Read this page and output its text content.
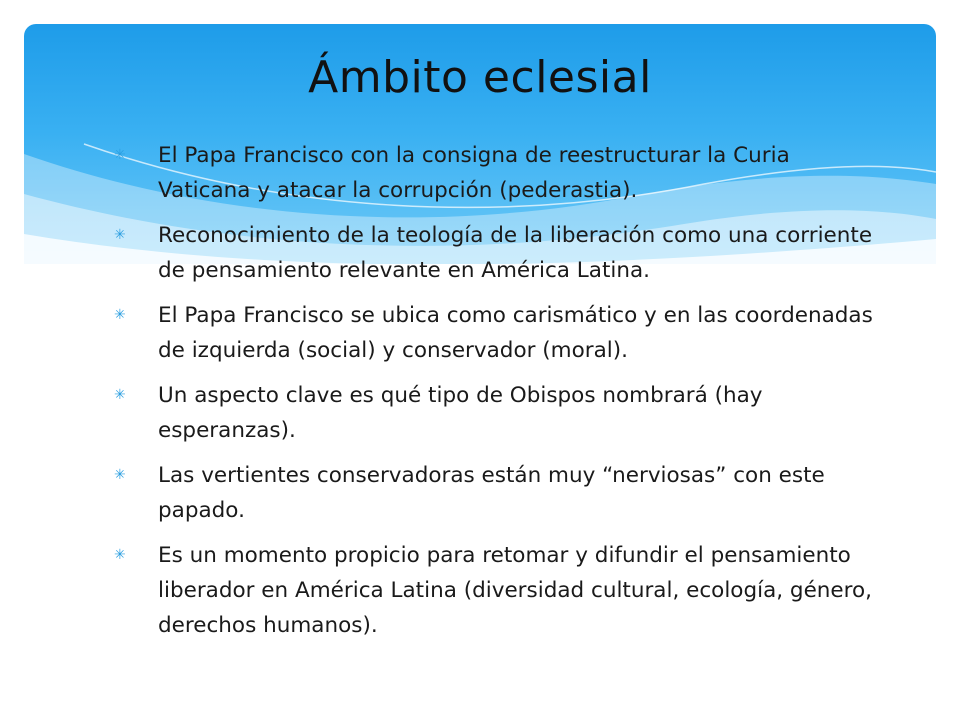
Ámbito eclesial
✳ El Papa Francisco con la consigna de reestructurar la Curia Vaticana y atacar la corrupción (pederastia).
✳ Reconocimiento de la teología de la liberación como una corriente de pensamiento relevante en América Latina.
✳ El Papa Francisco se ubica como carismático y en las coordenadas de izquierda (social) y conservador (moral).
✳ Un aspecto clave es qué tipo de Obispos nombrará (hay esperanzas).
✳ Las vertientes conservadoras están muy “nerviosas” con este papado.
✳ Es un momento propicio para retomar y difundir el pensamiento liberador en América Latina (diversidad cultural, ecología, género, derechos humanos).
